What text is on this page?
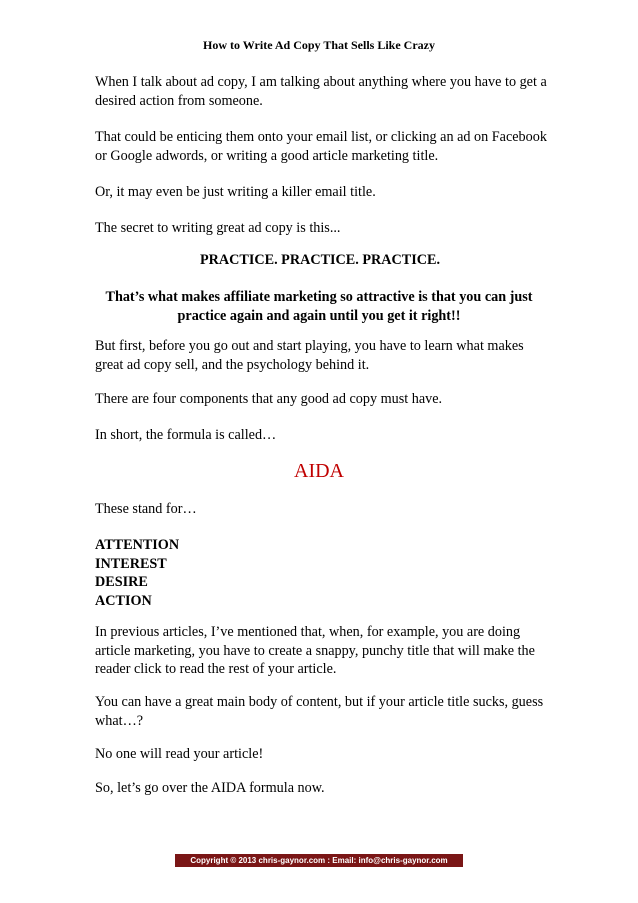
How to Write Ad Copy That Sells Like Crazy
When I talk about ad copy, I am talking about anything where you have to get a desired action from someone.
That could be enticing them onto your email list, or clicking an ad on Facebook or Google adwords, or writing a good article marketing title.
Or, it may even be just writing a killer email title.
The secret to writing great ad copy is this...
PRACTICE. PRACTICE. PRACTICE.
That’s what makes affiliate marketing so attractive is that you can just practice again and again until you get it right!!
But first, before you go out and start playing, you have to learn what makes great ad copy sell, and the psychology behind it.
There are four components that any good ad copy must have.
In short, the formula is called…
AIDA
These stand for…
ATTENTION
INTEREST
DESIRE
ACTION
In previous articles, I’ve mentioned that, when, for example, you are doing article marketing, you have to create a snappy, punchy title that will make the reader click to read the rest of your article.
You can have a great main body of content, but if your article title sucks, guess what…?
No one will read your article!
So, let’s go over the AIDA formula now.
Copyright © 2013 chris-gaynor.com : Email: info@chris-gaynor.com
